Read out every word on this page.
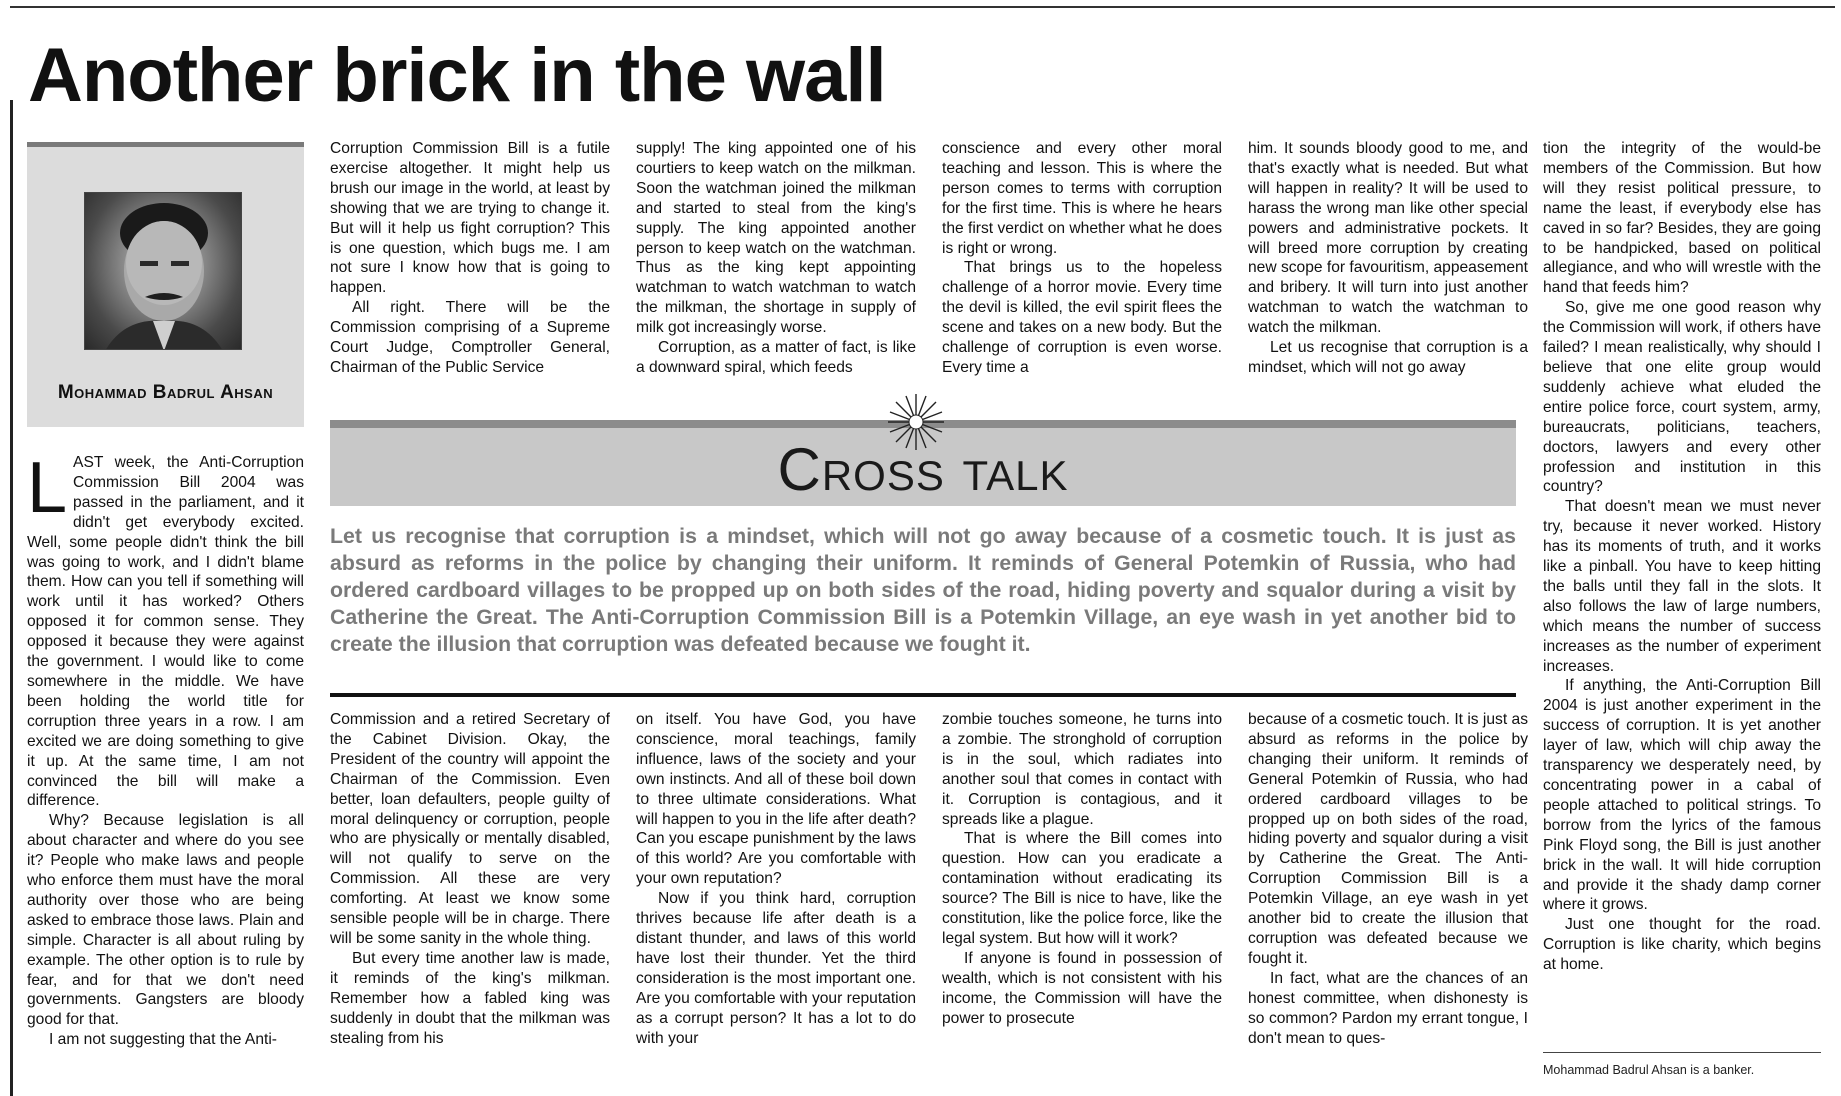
Another brick in the wall
Mohammad Badrul Ahsan

LAST week, the Anti-Corruption Commission Bill 2004 was passed in the parliament, and it didn't get everybody excited. Well, some people didn't think the bill was going to work, and I didn't blame them. How can you tell if something will work until it has worked? Others opposed it for common sense. They opposed it because they were against the government. I would like to come somewhere in the middle. We have been holding the world title for corruption three years in a row. I am excited we are doing something to give it up. At the same time, I am not convinced the bill will make a difference.

Why? Because legislation is all about character and where do you see it? People who make laws and people who enforce them must have the moral authority over those who are being asked to embrace those laws. Plain and simple. Character is all about ruling by example. The other option is to rule by fear, and for that we don't need governments. Gangsters are bloody good for that.

I am not suggesting that the Anti-

Corruption Commission Bill is a futile exercise altogether. It might help us brush our image in the world, at least by showing that we are trying to change it. But will it help us fight corruption? This is one question, which bugs me. I am not sure I know how that is going to happen.

All right. There will be the Commission comprising of a Supreme Court Judge, Comptroller General, Chairman of the Public Service

supply! The king appointed one of his courtiers to keep watch on the milkman. Soon the watchman joined the milkman and started to steal from the king's supply. The king appointed another person to keep watch on the watchman. Thus as the king kept appointing watchman to watch watchman to watch the milkman, the shortage in supply of milk got increasingly worse.

Corruption, as a matter of fact, is like a downward spiral, which feeds

conscience and every other moral teaching and lesson. This is where the person comes to terms with corruption for the first time. This is where he hears the first verdict on whether what he does is right or wrong.

That brings us to the hopeless challenge of a horror movie. Every time the devil is killed, the evil spirit flees the scene and takes on a new body. But the challenge of corruption is even worse. Every time a

him. It sounds bloody good to me, and that's exactly what is needed. But what will happen in reality? It will be used to harass the wrong man like other special powers and administrative pockets. It will breed more corruption by creating new scope for favouritism, appeasement and bribery. It will turn into just another watchman to watch the watchman to watch the milkman.

Let us recognise that corruption is a mindset, which will not go away

Cross talk

Let us recognise that corruption is a mindset, which will not go away because of a cosmetic touch. It is just as absurd as reforms in the police by changing their uniform. It reminds of General Potemkin of Russia, who had ordered cardboard villages to be propped up on both sides of the road, hiding poverty and squalor during a visit by Catherine the Great. The Anti-Corruption Commission Bill is a Potemkin Village, an eye wash in yet another bid to create the illusion that corruption was defeated because we fought it.

Commission and a retired Secretary of the Cabinet Division. Okay, the President of the country will appoint the Chairman of the Commission. Even better, loan defaulters, people guilty of moral delinquency or corruption, people who are physically or mentally disabled, will not qualify to serve on the Commission. All these are very comforting. At least we know some sensible people will be in charge. There will be some sanity in the whole thing.

But every time another law is made, it reminds of the king's milkman. Remember how a fabled king was suddenly in doubt that the milkman was stealing from his

on itself. You have God, you have conscience, moral teachings, family influence, laws of the society and your own instincts. And all of these boil down to three ultimate considerations. What will happen to you in the life after death? Can you escape punishment by the laws of this world? Are you comfortable with your own reputation?

Now if you think hard, corruption thrives because life after death is a distant thunder, and laws of this world have lost their thunder. Yet the third consideration is the most important one. Are you comfortable with your reputation as a corrupt person? It has a lot to do with your

zombie touches someone, he turns into a zombie. The stronghold of corruption is in the soul, which radiates into another soul that comes in contact with it. Corruption is contagious, and it spreads like a plague.

That is where the Bill comes into question. How can you eradicate a contamination without eradicating its source? The Bill is nice to have, like the constitution, like the police force, like the legal system. But how will it work?

If anyone is found in possession of wealth, which is not consistent with his income, the Commission will have the power to prosecute

because of a cosmetic touch. It is just as absurd as reforms in the police by changing their uniform. It reminds of General Potemkin of Russia, who had ordered cardboard villages to be propped up on both sides of the road, hiding poverty and squalor during a visit by Catherine the Great. The Anti-Corruption Commission Bill is a Potemkin Village, an eye wash in yet another bid to create the illusion that corruption was defeated because we fought it.

In fact, what are the chances of an honest committee, when dishonesty is so common? Pardon my errant tongue, I don't mean to ques-

tion the integrity of the would-be members of the Commission. But how will they resist political pressure, to name the least, if everybody else has caved in so far? Besides, they are going to be handpicked, based on political allegiance, and who will wrestle with the hand that feeds him?

So, give me one good reason why the Commission will work, if others have failed? I mean realistically, why should I believe that one elite group would suddenly achieve what eluded the entire police force, court system, army, bureaucrats, politicians, teachers, doctors, lawyers and every other profession and institution in this country?

That doesn't mean we must never try, because it never worked. History has its moments of truth, and it works like a pinball. You have to keep hitting the balls until they fall in the slots. It also follows the law of large numbers, which means the number of success increases as the number of experiment increases.

If anything, the Anti-Corruption Bill 2004 is just another experiment in the success of corruption. It is yet another layer of law, which will chip away the transparency we desperately need, by concentrating power in a cabal of people attached to political strings. To borrow from the lyrics of the famous Pink Floyd song, the Bill is just another brick in the wall. It will hide corruption and provide it the shady damp corner where it grows.

Just one thought for the road. Corruption is like charity, which begins at home.

Mohammad Badrul Ahsan is a banker.
